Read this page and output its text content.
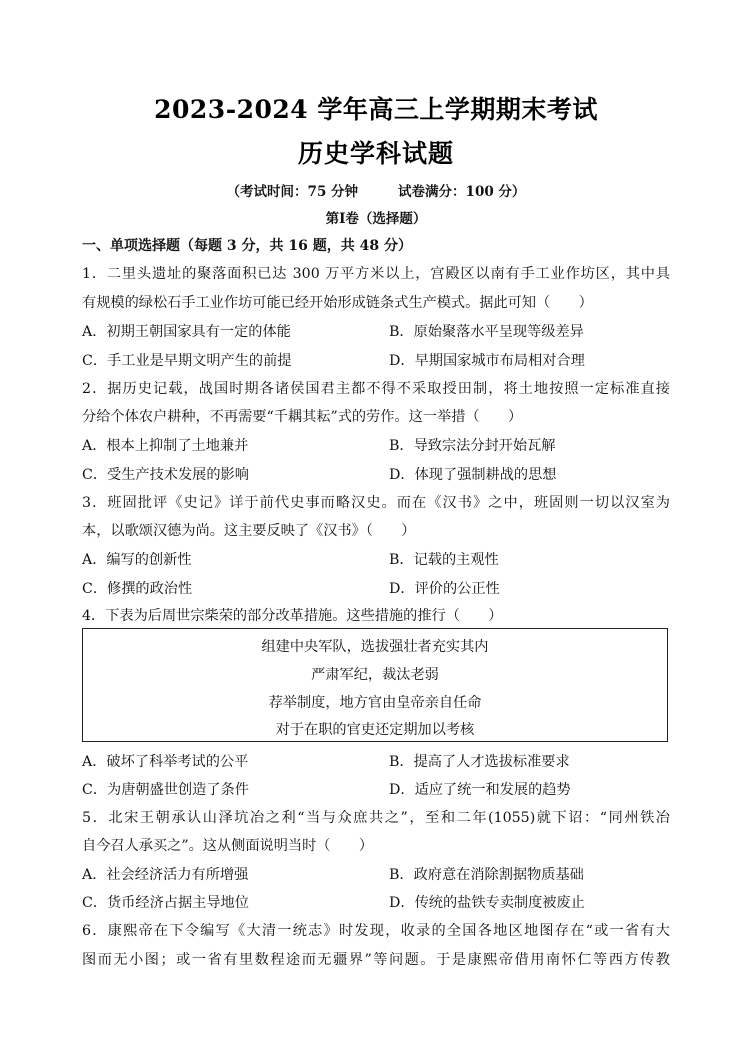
2023-2024 学年高三上学期期末考试
历史学科试题
（考试时间：75 分钟	试卷满分：100 分）
第Ⅰ卷（选择题）
一、单项选择题（每题 3 分，共 16 题，共 48 分）
1．二里头遗址的聚落面积已达 300 万平方米以上，宫殿区以南有手工业作坊区，其中具
有规模的绿松石手工业作坊可能已经开始形成链条式生产模式。据此可知（　　）
A．初期王朝国家具有一定的体能	B．原始聚落水平呈现等级差异
C．手工业是早期文明产生的前提	D．早期国家城市布局相对合理
2．据历史记载，战国时期各诸侯国君主都不得不采取授田制，将土地按照一定标准直接
分给个体农户耕种，不再需要“千耦其耘”式的劳作。这一举措（　　）
A．根本上抑制了土地兼并	B．导致宗法分封开始瓦解
C．受生产技术发展的影响	D．体现了强制耕战的思想
3．班固批评《史记》详于前代史事而略汉史。而在《汉书》之中，班固则一切以汉室为
本，以歌颂汉德为尚。这主要反映了《汉书》（　　）
A．编写的创新性	B．记载的主观性
C．修撰的政治性	D．评价的公正性
4．下表为后周世宗柴荣的部分改革措施。这些措施的推行（　　）
组建中央军队，选拔强壮者充实其内
严肃军纪，裁汰老弱
荐举制度，地方官由皇帝亲自任命
对于在职的官吏还定期加以考核
A．破坏了科举考试的公平	B．提高了人才选拔标准要求
C．为唐朝盛世创造了条件	D．适应了统一和发展的趋势
5．北宋王朝承认山泽坑冶之利“当与众庶共之”，至和二年(1055)就下诏：“同州铁冶
自今召人承买之”。这从侧面说明当时（　　）
A．社会经济活力有所增强	B．政府意在消除割据物质基础
C．货币经济占据主导地位	D．传统的盐铁专卖制度被废止
6．康熙帝在下令编写《大清一统志》时发现，收录的全国各地区地图存在“或一省有大
图而无小图；或一省有里数程途而无疆界”等问题。于是康熙帝借用南怀仁等西方传教
